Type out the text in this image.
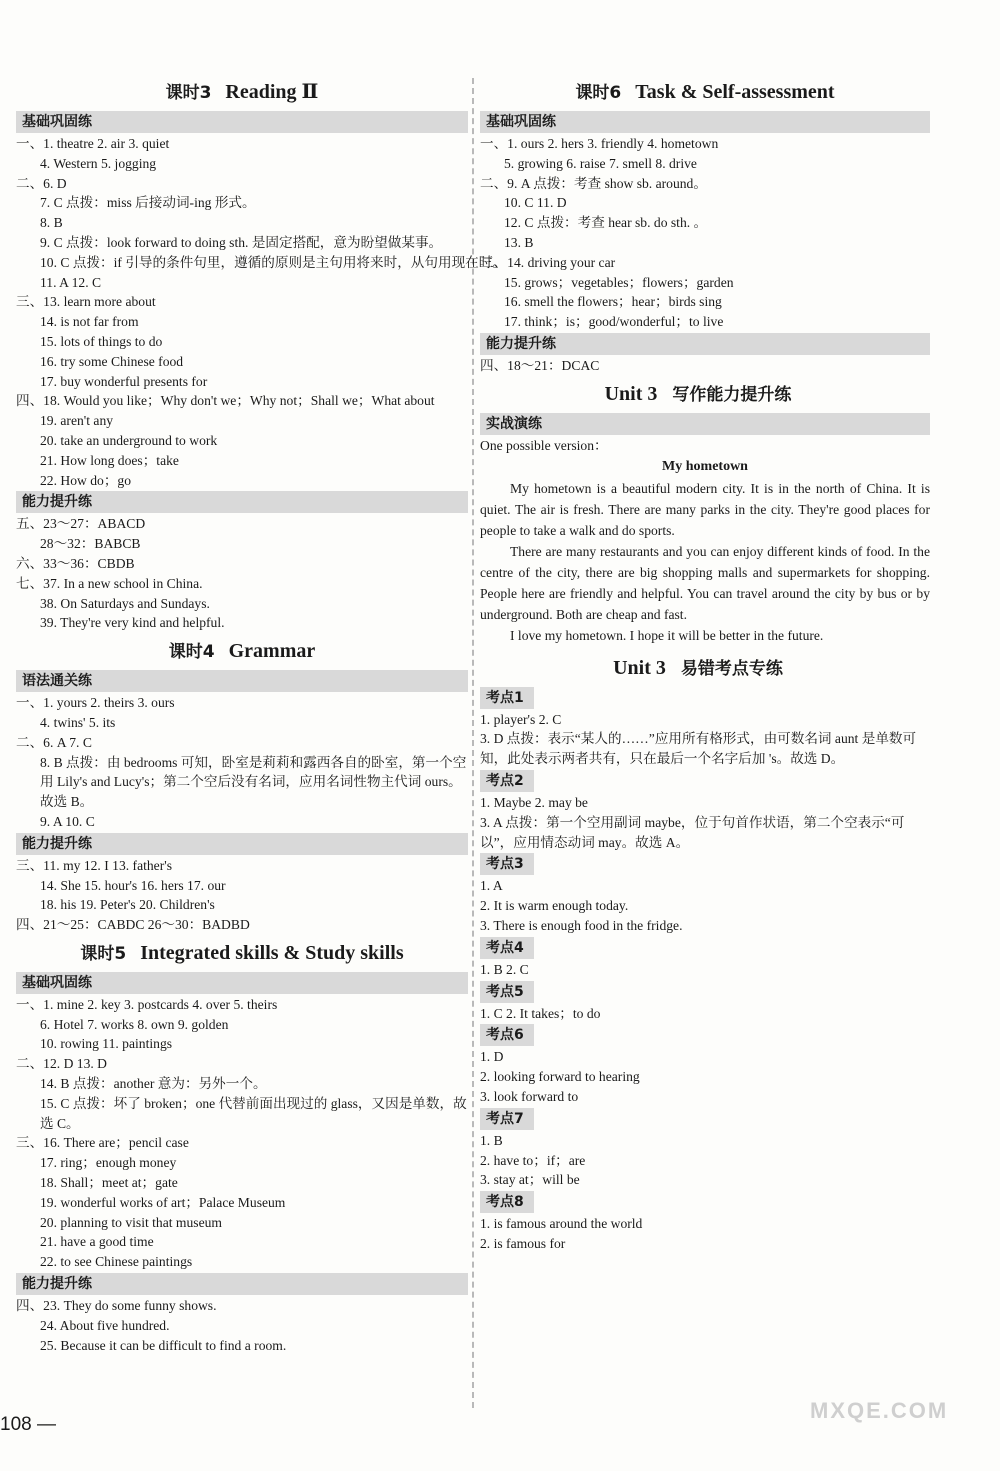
课时3 Reading Ⅱ
基础巩固练
一、1. theatre 2. air 3. quiet
4. Western 5. jogging
二、6. D
7. C 点拨：miss 后接动词-ing 形式。
8. B
9. C 点拨：look forward to doing sth. 是固定搭配，意为盼望做某事。
10. C 点拨：if 引导的条件句里，遵循的原则是主句用将来时，从句用现在时。
11. A 12. C
三、13. learn more about
14. is not far from
15. lots of things to do
16. try some Chinese food
17. buy wonderful presents for
四、18. Would you like；Why don't we；Why not；Shall we；What about
19. aren't any
20. take an underground to work
21. How long does；take
22. How do；go
能力提升练
五、23～27：ABACD
28～32：BABCB
六、33～36：CBDB
七、37. In a new school in China.
38. On Saturdays and Sundays.
39. They're very kind and helpful.
课时4 Grammar
语法通关练
一、1. yours 2. theirs 3. ours
4. twins' 5. its
二、6. A 7. C
8. B 点拨：由 bedrooms 可知，卧室是莉莉和露西各自的卧室，第一个空用 Lily's and Lucy's；第二个空后没有名词，应用名词性物主代词 ours。故选 B。
9. A 10. C
能力提升练
三、11. my 12. I 13. father's
14. She 15. hour's 16. hers 17. our
18. his 19. Peter's 20. Children's
四、21～25：CABDC 26～30：BADBD
课时5 Integrated skills & Study skills
基础巩固练
一、1. mine 2. key 3. postcards 4. over 5. theirs
6. Hotel 7. works 8. own 9. golden
10. rowing 11. paintings
二、12. D 13. D
14. B 点拨：another 意为：另外一个。
15. C 点拨：坏了 broken；one 代替前面出现过的 glass，又因是单数，故选 C。
三、16. There are；pencil case
17. ring；enough money
18. Shall；meet at；gate
19. wonderful works of art；Palace Museum
20. planning to visit that museum
21. have a good time
22. to see Chinese paintings
能力提升练
四、23. They do some funny shows.
24. About five hundred.
25. Because it can be difficult to find a room.
课时6 Task & Self-assessment
基础巩固练
一、1. ours 2. hers 3. friendly 4. hometown
5. growing 6. raise 7. smell 8. drive
二、9. A 点拨：考查 show sb. around。
10. C 11. D
12. C 点拨：考查 hear sb. do sth. 。
13. B
三、14. driving your car
15. grows；vegetables；flowers；garden
16. smell the flowers；hear；birds sing
17. think；is；good/wonderful；to live
能力提升练
四、18～21：DCAC
Unit 3 写作能力提升练
实战演练
One possible version：
My hometown
My hometown is a beautiful modern city. It is in the north of China. It is quiet. The air is fresh. There are many parks in the city. They're good places for people to take a walk and do sports.
There are many restaurants and you can enjoy different kinds of food. In the centre of the city, there are big shopping malls and supermarkets for shopping. People here are friendly and helpful. You can travel around the city by bus or by underground. Both are cheap and fast.
I love my hometown. I hope it will be better in the future.
Unit 3 易错考点专练
考点1
1. player's 2. C
3. D 点拨：表示“某人的……”应用所有格形式，由可数名词 aunt 是单数可知，此处表示两者共有，只在最后一个名字后加 's。故选 D。
考点2
1. Maybe 2. may be
3. A 点拨：第一个空用副词 maybe，位于句首作状语，第二个空表示“可以”，应用情态动词 may。故选 A。
考点3
1. A
2. It is warm enough today.
3. There is enough food in the fridge.
考点4
1. B 2. C
考点5
1. C 2. It takes；to do
考点6
1. D
2. looking forward to hearing
3. look forward to
考点7
1. B
2. have to；if；are
3. stay at；will be
考点8
1. is famous around the world
2. is famous for
108 —
MXQE.COM
